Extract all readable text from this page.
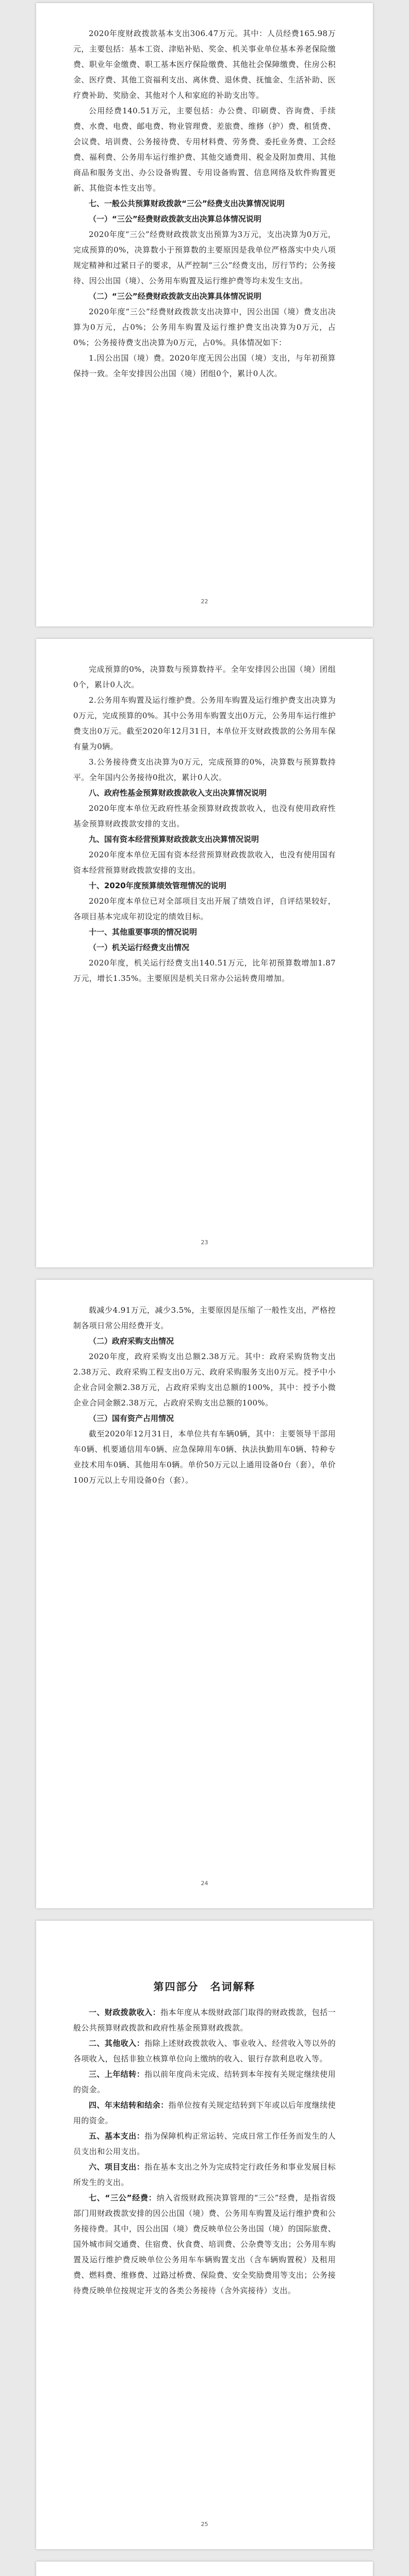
2020年度财政拨款基本支出306.47万元。其中：人员经费165.98万元，主要包括：基本工资、津贴补贴、奖金、机关事业单位基本养老保险缴费、职业年金缴费、职工基本医疗保险缴费、其他社会保障缴费、住房公积金、医疗费、其他工资福利支出、离休费、退休费、抚恤金、生活补助、医疗费补助、奖励金、其他对个人和家庭的补助支出等。

公用经费140.51万元，主要包括：办公费、印刷费、咨询费、手续费、水费、电费、邮电费、物业管理费、差旅费、维修（护）费、租赁费、会议费、培训费、公务接待费、专用材料费、劳务费、委托业务费、工会经费、福利费、公务用车运行维护费、其他交通费用、税金及附加费用、其他商品和服务支出、办公设备购置、专用设备购置、信息网络及软件购置更新、其他资本性支出等。

七、一般公共预算财政拨款“三公”经费支出决算情况说明

（一）“三公”经费财政拨款支出决算总体情况说明

2020年度“三公”经费财政拨款支出预算为3万元，支出决算为0万元，完成预算的0%，决算数小于预算数的主要原因是我单位严格落实中央八项规定精神和过紧日子的要求，从严控制“三公”经费支出，厉行节约；公务接待、因公出国（境）、公务用车购置及运行维护费等均未发生支出。

（二）“三公”经费财政拨款支出决算具体情况说明

2020年度“三公”经费财政拨款支出决算中，因公出国（境）费支出决算为0万元，占0%；公务用车购置及运行维护费支出决算为0万元，占0%；公务接待费支出决算为0万元，占0%。具体情况如下：

1.因公出国（境）费。2020年度无因公出国（境）支出，与年初预算保持一致。全年安排因公出国（境）团组0个，累计0人次。

22

完成预算的0%，决算数与预算数持平。全年安排因公出国（境）团组0个，累计0人次。

2.公务用车购置及运行维护费。公务用车购置及运行维护费支出决算为0万元，完成预算的0%。其中公务用车购置支出0万元，公务用车运行维护费支出0万元。截至2020年12月31日，本单位开支财政拨款的公务用车保有量为0辆。

3.公务接待费支出决算为0万元，完成预算的0%，决算数与预算数持平。全年国内公务接待0批次，累计0人次。

八、政府性基金预算财政拨款收入支出决算情况说明

2020年度本单位无政府性基金预算财政拨款收入，也没有使用政府性基金预算财政拨款安排的支出。

九、国有资本经营预算财政拨款支出决算情况说明

2020年度本单位无国有资本经营预算财政拨款收入，也没有使用国有资本经营预算财政拨款安排的支出。

十、2020年度预算绩效管理情况的说明

2020年度本单位已对全部项目支出开展了绩效自评，自评结果较好，各项目基本完成年初设定的绩效目标。

十一、其他重要事项的情况说明

（一）机关运行经费支出情况

2020年度，机关运行经费支出140.51万元，比年初预算数增加1.87万元，增长1.35%。主要原因是机关日常办公运转费用增加。

23

载减少4.91万元，减少3.5%，主要原因是压缩了一般性支出，严格控制各项日常公用经费开支。

（二）政府采购支出情况

2020年度，政府采购支出总额2.38万元。其中：政府采购货物支出2.38万元、政府采购工程支出0万元、政府采购服务支出0万元。授予中小企业合同金额2.38万元，占政府采购支出总额的100%，其中：授予小微企业合同金额2.38万元，占政府采购支出总额的100%。

（三）国有资产占用情况

截至2020年12月31日，本单位共有车辆0辆，其中：主要领导干部用车0辆、机要通信用车0辆、应急保障用车0辆、执法执勤用车0辆、特种专业技术用车0辆、其他用车0辆。单价50万元以上通用设备0台（套），单价100万元以上专用设备0台（套）。

24
第四部分　名词解释

一、财政拨款收入：指本年度从本级财政部门取得的财政拨款，包括一般公共预算财政拨款和政府性基金预算财政拨款。

二、其他收入：指除上述财政拨款收入、事业收入、经营收入等以外的各项收入，包括非独立核算单位向上缴纳的收入、银行存款利息收入等。

三、上年结转：指以前年度尚未完成、结转到本年按有关规定继续使用的资金。

四、年末结转和结余：指单位按有关规定结转到下年或以后年度继续使用的资金。

五、基本支出：指为保障机构正常运转、完成日常工作任务而发生的人员支出和公用支出。

六、项目支出：指在基本支出之外为完成特定行政任务和事业发展目标所发生的支出。

七、“三公”经费：纳入省级财政预决算管理的“三公”经费，是指省级部门用财政拨款安排的因公出国（境）费、公务用车购置及运行维护费和公务接待费。其中，因公出国（境）费反映单位公务出国（境）的国际旅费、国外城市间交通费、住宿费、伙食费、培训费、公杂费等支出；公务用车购置及运行维护费反映单位公务用车车辆购置支出（含车辆购置税）及租用费、燃料费、维修费、过路过桥费、保险费、安全奖励费用等支出；公务接待费反映单位按规定开支的各类公务接待（含外宾接待）支出。

25
